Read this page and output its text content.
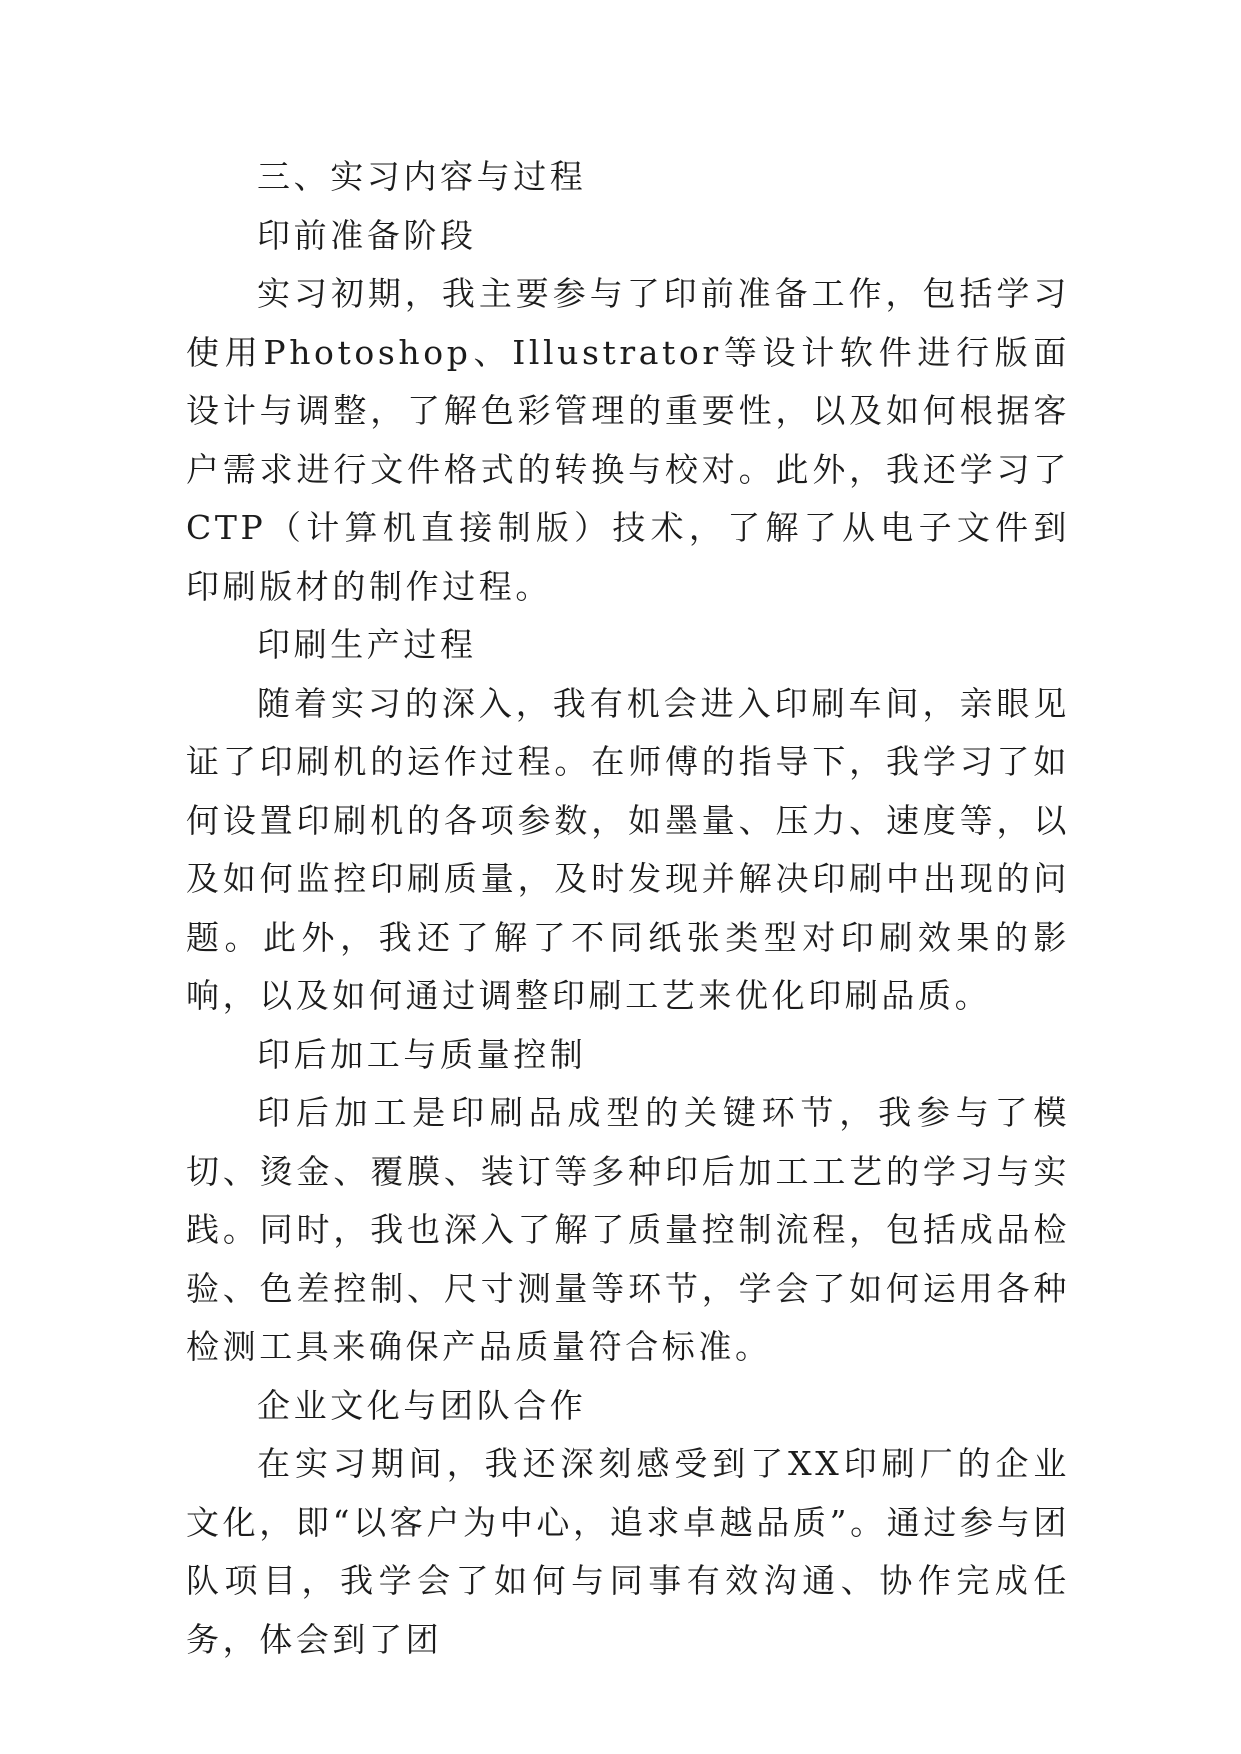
三、实习内容与过程

印前准备阶段

实习初期，我主要参与了印前准备工作，包括学习使用Photoshop、Illustrator等设计软件进行版面设计与调整，了解色彩管理的重要性，以及如何根据客户需求进行文件格式的转换与校对。此外，我还学习了CTP（计算机直接制版）技术，了解了从电子文件到印刷版材的制作过程。

印刷生产过程

随着实习的深入，我有机会进入印刷车间，亲眼见证了印刷机的运作过程。在师傅的指导下，我学习了如何设置印刷机的各项参数，如墨量、压力、速度等，以及如何监控印刷质量，及时发现并解决印刷中出现的问题。此外，我还了解了不同纸张类型对印刷效果的影响，以及如何通过调整印刷工艺来优化印刷品质。

印后加工与质量控制

印后加工是印刷品成型的关键环节，我参与了模切、烫金、覆膜、装订等多种印后加工工艺的学习与实践。同时，我也深入了解了质量控制流程，包括成品检验、色差控制、尺寸测量等环节，学会了如何运用各种检测工具来确保产品质量符合标准。

企业文化与团队合作

在实习期间，我还深刻感受到了XX印刷厂的企业文化，即“以客户为中心，追求卓越品质”。通过参与团队项目，我学会了如何与同事有效沟通、协作完成任务，体会到了团
